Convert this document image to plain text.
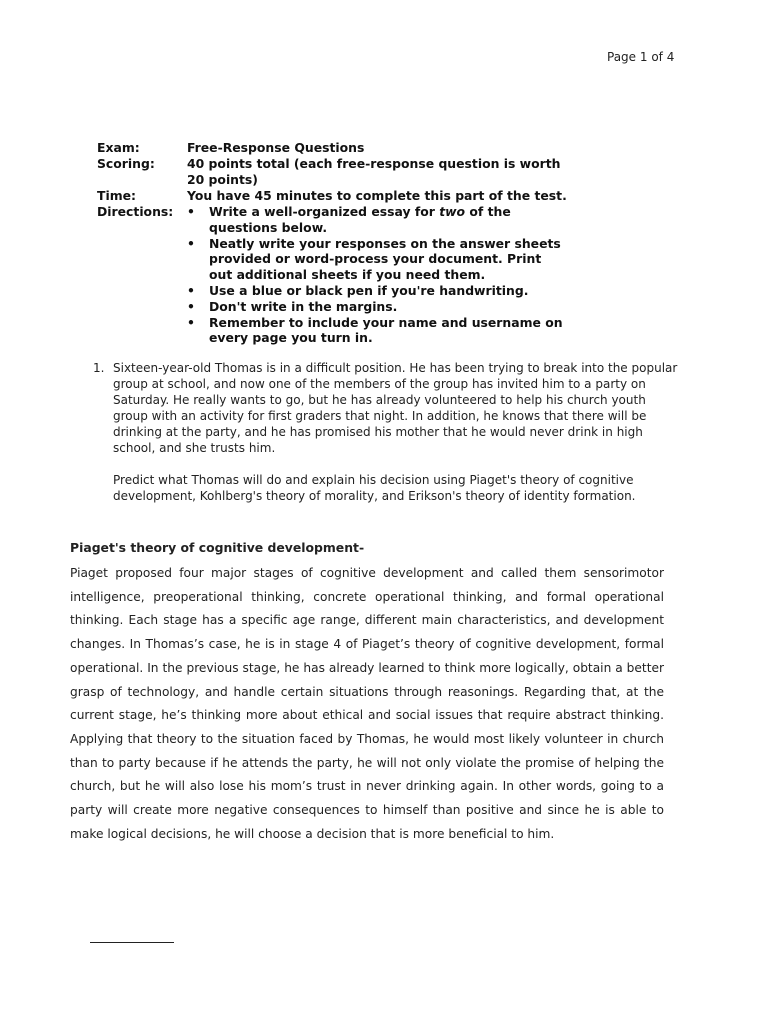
Page 1 of 4
Exam:	Free-Response Questions
Scoring:	40 points total (each free-response question is worth 20 points)
Time:	You have 45 minutes to complete this part of the test.
Directions:
•	Write a well-organized essay for two of the questions below.
• Neatly write your responses on the answer sheets provided or word-process your document. Print out additional sheets if you need them.
• Use a blue or black pen if you're handwriting.
• Don't write in the margins.
• Remember to include your name and username on every page you turn in.
1. Sixteen-year-old Thomas is in a difficult position. He has been trying to break into the popular group at school, and now one of the members of the group has invited him to a party on Saturday. He really wants to go, but he has already volunteered to help his church youth group with an activity for first graders that night. In addition, he knows that there will be drinking at the party, and he has promised his mother that he would never drink in high school, and she trusts him.

Predict what Thomas will do and explain his decision using Piaget's theory of cognitive development, Kohlberg's theory of morality, and Erikson's theory of identity formation.

Piaget's theory of cognitive development-

Piaget proposed four major stages of cognitive development and called them sensorimotor intelligence, preoperational thinking, concrete operational thinking, and formal operational thinking. Each stage has a specific age range, different main characteristics, and development changes. In Thomas’s case, he is in stage 4 of Piaget’s theory of cognitive development, formal operational. In the previous stage, he has already learned to think more logically, obtain a better grasp of technology, and handle certain situations through reasonings. Regarding that, at the current stage, he’s thinking more about ethical and social issues that require abstract thinking. Applying that theory to the situation faced by Thomas, he would most likely volunteer in church than to party because if he attends the party, he will not only violate the promise of helping the church, but he will also lose his mom’s trust in never drinking again. In other words, going to a party will create more negative consequences to himself than positive and since he is able to make logical decisions, he will choose a decision that is more beneficial to him.
